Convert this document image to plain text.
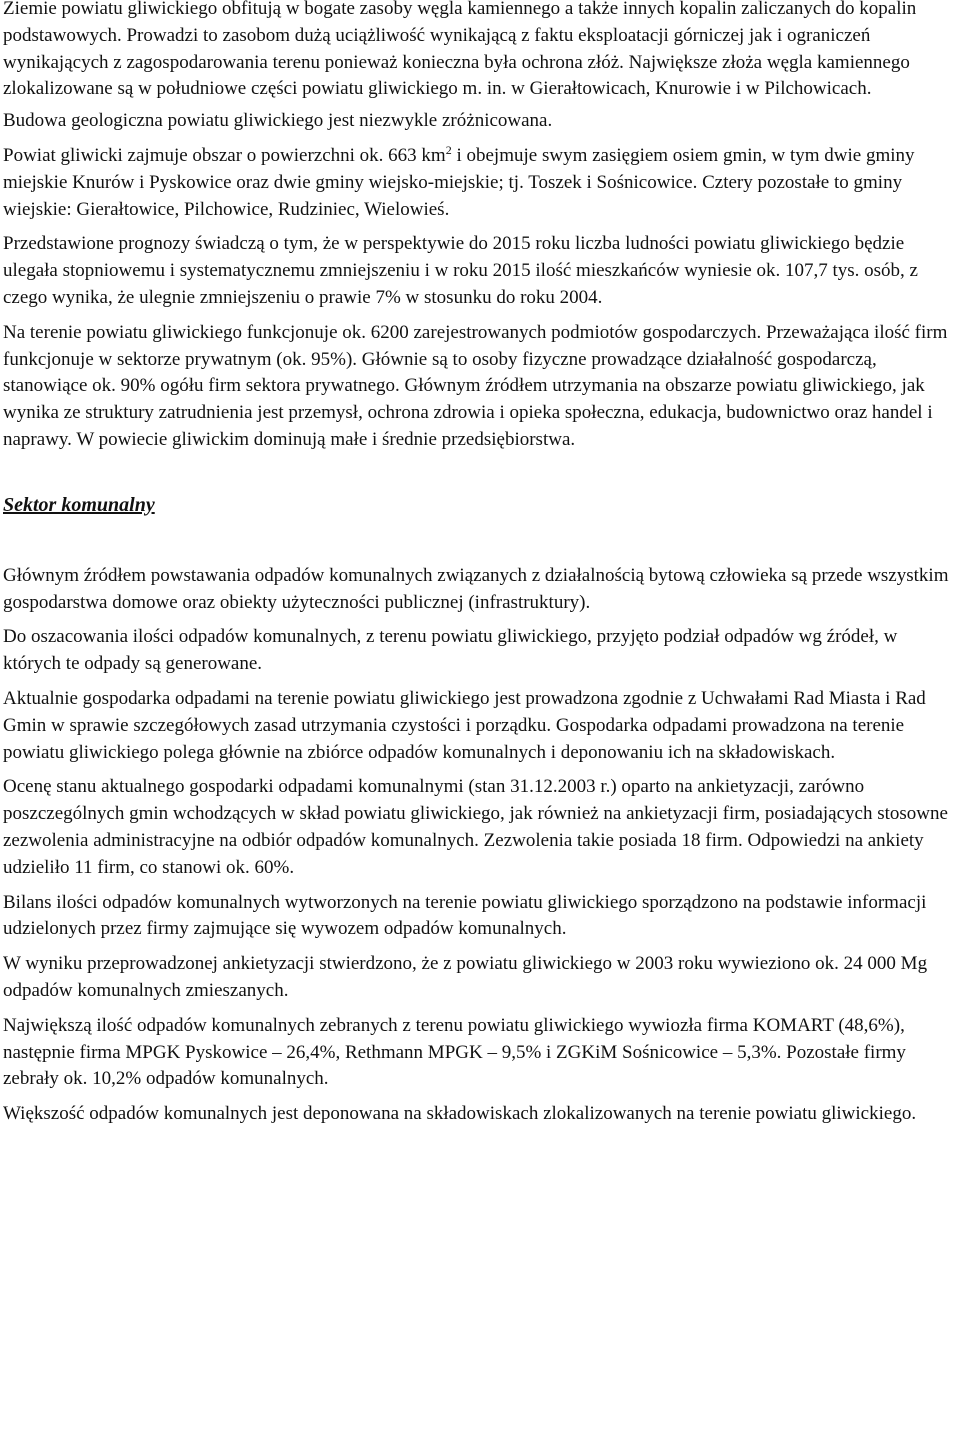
Ziemie powiatu gliwickiego obfitują w bogate zasoby węgla kamiennego a także innych kopalin zaliczanych do kopalin podstawowych. Prowadzi to zasobom dużą uciążliwość wynikającą z faktu eksploatacji górniczej jak i ograniczeń wynikających z zagospodarowania terenu ponieważ konieczna była ochrona złóż. Największe złoża węgla kamiennego zlokalizowane są w południowe części powiatu gliwickiego m. in. w Gierałtowicach, Knurowie i w Pilchowicach.

Budowa geologiczna powiatu gliwickiego jest niezwykle zróżnicowana.

Powiat gliwicki zajmuje obszar o powierzchni ok. 663 $km^2$ i obejmuje swym zasięgiem osiem gmin, w tym dwie gminy miejskie Knurów i Pyskowice oraz dwie gminy wiejsko-miejskie; tj. Toszek i Sośnicowice. Cztery pozostałe to gminy wiejskie: Gierałtowice, Pilchowice, Rudziniec, Wielowieś.

Przedstawione prognozy świadczą o tym, że w perspektywie do 2015 roku liczba ludności powiatu gliwickiego będzie ulegała stopniowemu i systematycznemu zmniejszeniu i w roku 2015 ilość mieszkańców wyniesie ok. 107,7 tys. osób, z czego wynika, że ulegnie zmniejszeniu o prawie 7% w stosunku do roku 2004.

Na terenie powiatu gliwickiego funkcjonuje ok. 6200 zarejestrowanych podmiotów gospodarczych. Przeważająca ilość firm funkcjonuje w sektorze prywatnym (ok. 95%). Głównie są to osoby fizyczne prowadzące działalność gospodarczą, stanowiące ok. 90% ogółu firm sektora prywatnego. Głównym źródłem utrzymania na obszarze powiatu gliwickiego, jak wynika ze struktury zatrudnienia jest przemysł, ochrona zdrowia i opieka społeczna, edukacja, budownictwo oraz handel i naprawy. W powiecie gliwickim dominują małe i średnie przedsiębiorstwa.

Sektor komunalny

Głównym źródłem powstawania odpadów komunalnych związanych z działalnością bytową człowieka są przede wszystkim gospodarstwa domowe oraz obiekty użyteczności publicznej (infrastruktury).

Do oszacowania ilości odpadów komunalnych, z terenu powiatu gliwickiego, przyjęto podział odpadów wg źródeł, w których te odpady są generowane.

Aktualnie gospodarka odpadami na terenie powiatu gliwickiego jest prowadzona zgodnie z Uchwałami Rad Miasta i Rad Gmin w sprawie szczegółowych zasad utrzymania czystości i porządku. Gospodarka odpadami prowadzona na terenie powiatu gliwickiego polega głównie na zbiórce odpadów komunalnych i deponowaniu ich na składowiskach.

Ocenę stanu aktualnego gospodarki odpadami komunalnymi (stan 31.12.2003 r.) oparto na ankietyzacji, zarówno poszczególnych gmin wchodzących w skład powiatu gliwickiego, jak również na ankietyzacji firm, posiadających stosowne zezwolenia administracyjne na odbiór odpadów komunalnych. Zezwolenia takie posiada 18 firm. Odpowiedzi na ankiety udzieliło 11 firm, co stanowi ok. 60%.

Bilans ilości odpadów komunalnych wytworzonych na terenie powiatu gliwickiego sporządzono na podstawie informacji udzielonych przez firmy zajmujące się wywozem odpadów komunalnych.

W wyniku przeprowadzonej ankietyzacji stwierdzono, że z powiatu gliwickiego w 2003 roku wywieziono ok. 24 000 Mg odpadów komunalnych zmieszanych.

Największą ilość odpadów komunalnych zebranych z terenu powiatu gliwickiego wywiozła firma KOMART (48,6%), następnie firma MPGK Pyskowice – 26,4%, Rethmann MPGK – 9,5% i ZGKiM Sośnicowice – 5,3%. Pozostałe firmy zebrały ok. 10,2% odpadów komunalnych.

Większość odpadów komunalnych jest deponowana na składowiskach zlokalizowanych na terenie powiatu gliwickiego.
